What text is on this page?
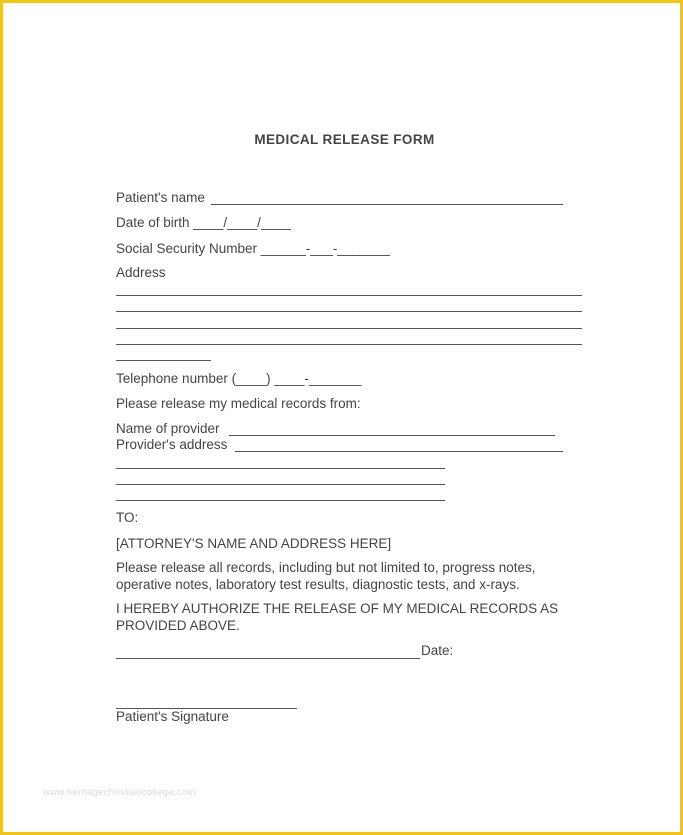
MEDICAL RELEASE FORM
Patient's name
Date of birth ____/____/____
Social Security Number ______-___-_______
Address
Telephone number (____) ____-_______
Please release my medical records from:
Name of provider
Provider's address
TO:
[ATTORNEY'S NAME AND ADDRESS HERE]
Please release all records, including but not limited to, progress notes,
operative notes, laboratory test results, diagnostic tests, and x-rays.
I HEREBY AUTHORIZE THE RELEASE OF MY MEDICAL RECORDS AS
PROVIDED ABOVE.
Date:
Patient's Signature
www.heritagechristiancollege.com
